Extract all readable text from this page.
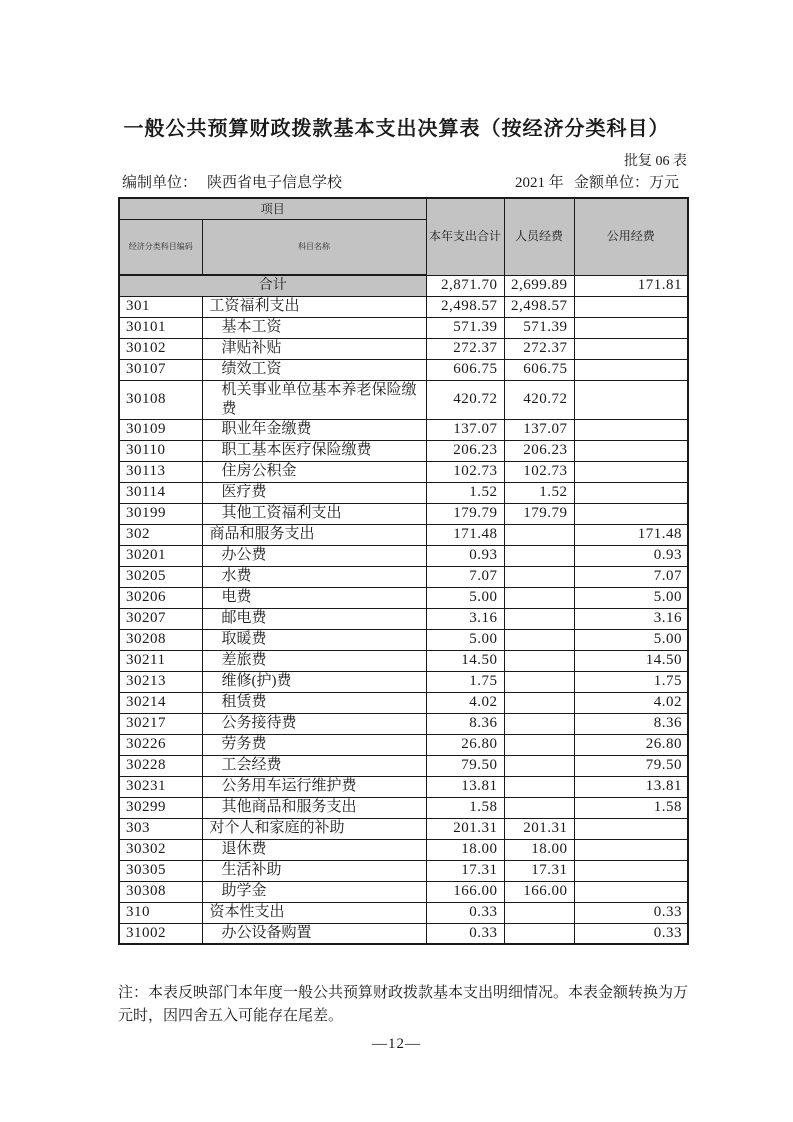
一般公共预算财政拨款基本支出决算表（按经济分类科目）
批复 06 表
编制单位： 陕西省电子信息学校	2021 年 金额单位：万元
项目		本年支出合计	人员经费	公用经费
经济分类科目编码	科目名称			
合计		2,871.70	2,699.89	171.81
301	工资福利支出	2,498.57	2,498.57	
30101	基本工资	571.39	571.39	
30102	津贴补贴	272.37	272.37	
30107	绩效工资	606.75	606.75	
30108	机关事业单位基本养老保险缴费	420.72	420.72	
30109	职业年金缴费	137.07	137.07	
30110	职工基本医疗保险缴费	206.23	206.23	
30113	住房公积金	102.73	102.73	
30114	医疗费	1.52	1.52	
30199	其他工资福利支出	179.79	179.79	
302	商品和服务支出	171.48		171.48
30201	办公费	0.93		0.93
30205	水费	7.07		7.07
30206	电费	5.00		5.00
30207	邮电费	3.16		3.16
30208	取暖费	5.00		5.00
30211	差旅费	14.50		14.50
30213	维修(护)费	1.75		1.75
30214	租赁费	4.02		4.02
30217	公务接待费	8.36		8.36
30226	劳务费	26.80		26.80
30228	工会经费	79.50		79.50
30231	公务用车运行维护费	13.81		13.81
30299	其他商品和服务支出	1.58		1.58
303	对个人和家庭的补助	201.31	201.31	
30302	退休费	18.00	18.00	
30305	生活补助	17.31	17.31	
30308	助学金	166.00	166.00	
310	资本性支出	0.33		0.33
31002	办公设备购置	0.33		0.33
注：本表反映部门本年度一般公共预算财政拨款基本支出明细情况。本表金额转换为万元时，因四舍五入可能存在尾差。
—12—
